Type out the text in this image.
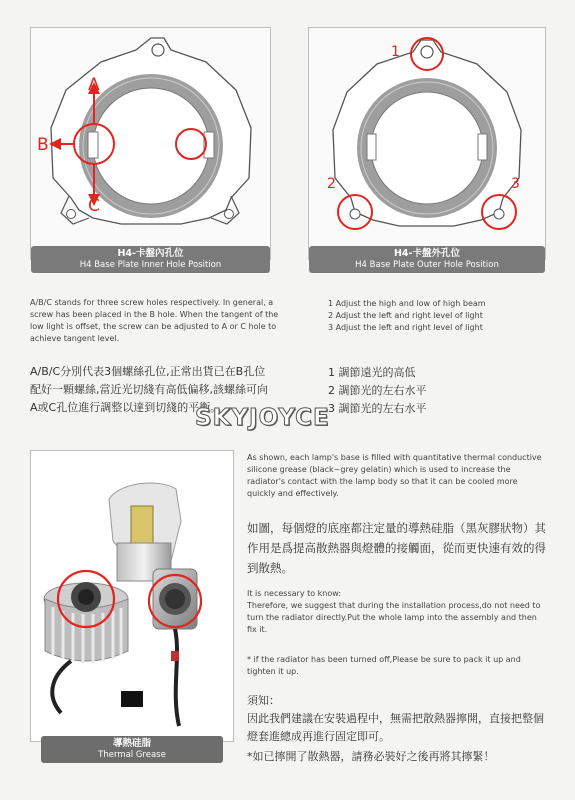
A
B
C
H4-卡盤內孔位
H4 Base Plate Inner Hole Position
1
2	3
H4-卡盤外孔位
H4 Base Plate Outer Hole Position
A/B/C stands for three screw holes respectively. In general, a screw has been placed in the B hole. When the tangent of the low light is offset, the screw can be adjusted to A or C hole to achieve tangent level.
A/B/C分別代表3個螺絲孔位,正常出貨已在B孔位配好一顆螺絲,當近光切綫有高低偏移,該螺絲可向A或C孔位進行調整以達到切綫的平衡。
1 Adjust the high and low of high beam
2 Adjust the left and right level of light
3 Adjust the left and right level of light
1 調節遠光的高低
2 調節光的左右水平
3 調節光的左右水平
SKYJOYCE
導熱硅脂
Thermal Grease
As shown, each lamp's base is filled with quantitative thermal conductive silicone grease (black~grey gelatin) which is used to increase the radiator's contact with the lamp body so that it can be cooled more quickly and effectively.
如圖，每個燈的底座都注定量的導熱硅脂（黑灰膠狀物）其作用是爲提高散熱器與燈體的接觸面，從而更快速有效的得到散熱。
It is necessary to know:
Therefore, we suggest that during the installation process,do not need to turn the radiator directly.Put the whole lamp into the assembly and then fix it.
* if the radiator has been turned off,Please be sure to pack it up and tighten it up.
須知：
因此我們建議在安裝過程中，無需把散熱器擰開，直接把整個燈套進總成再進行固定即可。
*如已擰開了散熱器，請務必裝好之後再將其擰緊！
